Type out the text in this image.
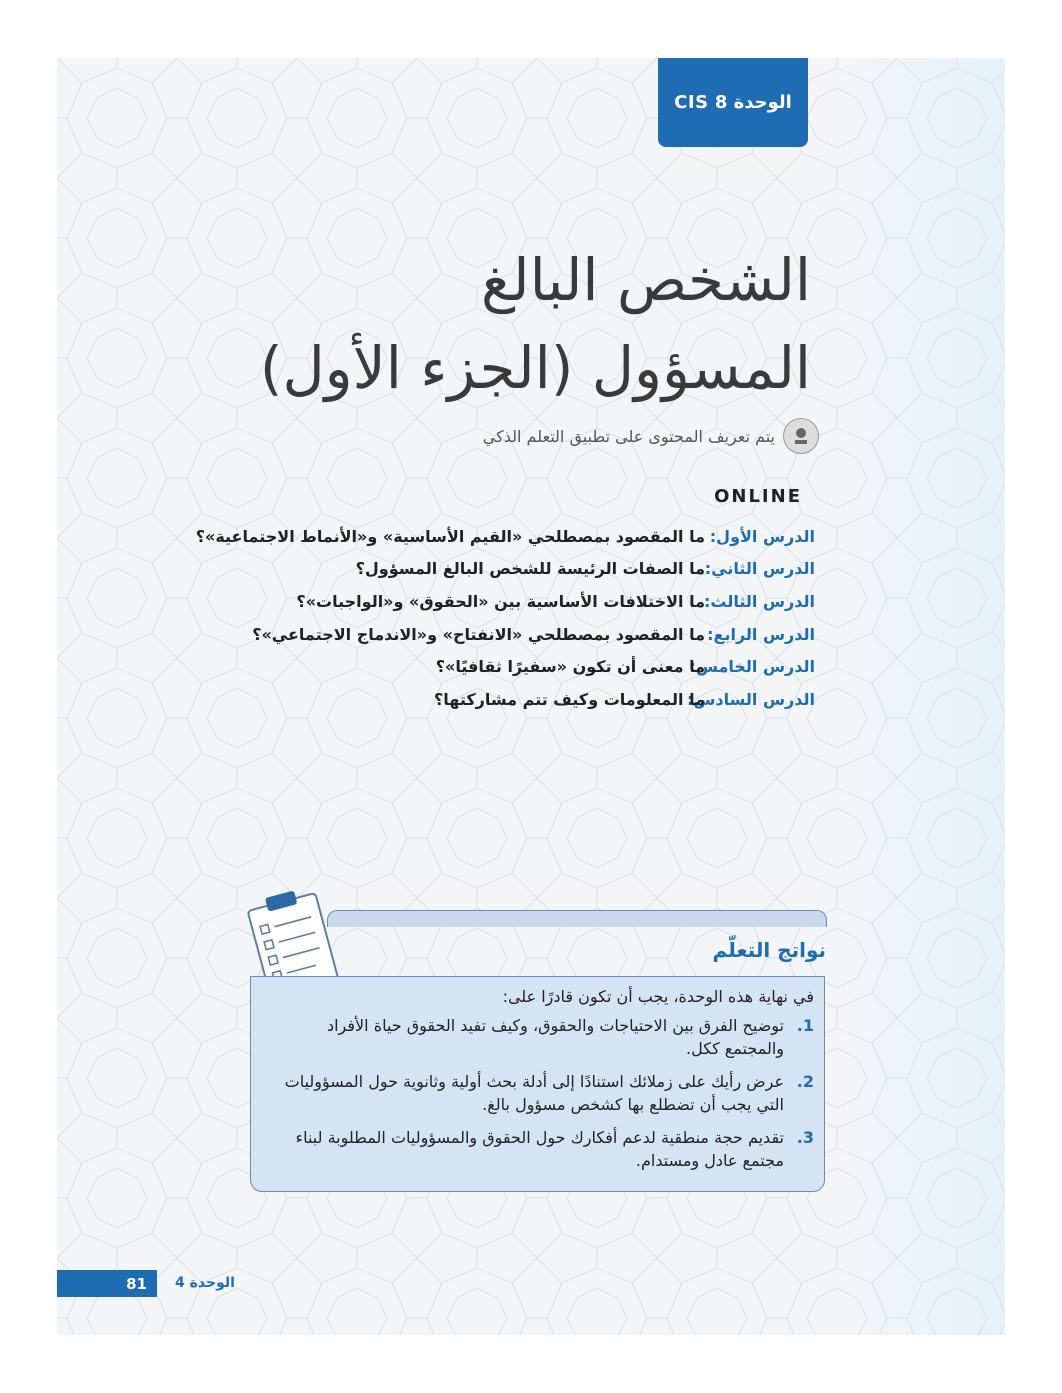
الوحدة 8 CIS
الشخص البالغ
المسؤول (الجزء الأول)
يتم تعريف المحتوى على تطبيق التعلم الذكي
ONLINE
الدرس الأول:
ما المقصود بمصطلحي «القيم الأساسية» و«الأنماط الاجتماعية»؟
الدرس الثاني:
ما الصفات الرئيسة للشخص البالغ المسؤول؟
الدرس الثالث:
ما الاختلافات الأساسية بين «الحقوق» و«الواجبات»؟
الدرس الرابع:
ما المقصود بمصطلحي «الانفتاح» و«الاندماج الاجتماعي»؟
الدرس الخامس:
ما معنى أن تكون «سفيرًا ثقافيًا»؟
الدرس السادس:
ما المعلومات وكيف تتم مشاركتها؟
نواتج التعلّم

في نهاية هذه الوحدة، يجب أن تكون قادرًا على:

1.
توضيح الفرق بين الاحتياجات والحقوق، وكيف تفيد الحقوق حياة الأفراد والمجتمع ككل.
2.
عرض رأيك على زملائك استنادًا إلى أدلة بحث أولية وثانوية حول المسؤوليات التي يجب أن تضطلع بها كشخص مسؤول بالغ.
3.
تقديم حجة منطقية لدعم أفكارك حول الحقوق والمسؤوليات المطلوبة لبناء مجتمع عادل ومستدام.
81 الوحدة 4
